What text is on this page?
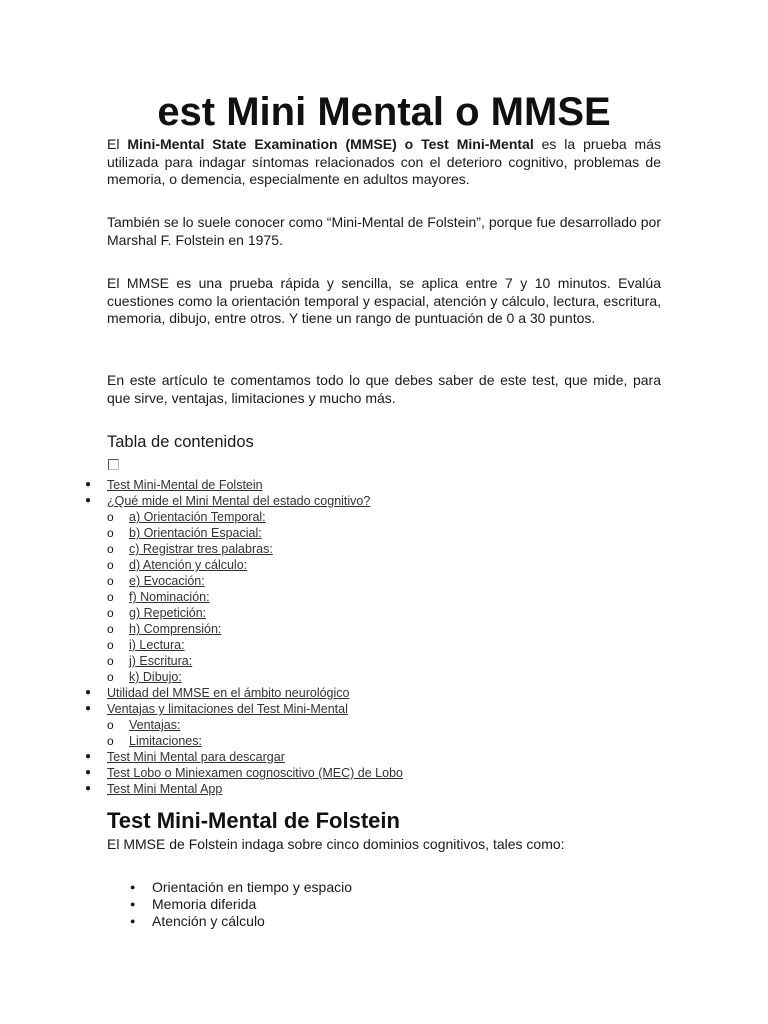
est Mini Mental o MMSE

El Mini-Mental State Examination (MMSE) o Test Mini-Mental es la prueba más utilizada para indagar síntomas relacionados con el deterioro cognitivo, problemas de memoria, o demencia, especialmente en adultos mayores.

También se lo suele conocer como “Mini-Mental de Folstein”, porque fue desarrollado por Marshal F. Folstein en 1975.

El MMSE es una prueba rápida y sencilla, se aplica entre 7 y 10 minutos. Evalúa cuestiones como la orientación temporal y espacial, atención y cálculo, lectura, escritura, memoria, dibujo, entre otros. Y tiene un rango de puntuación de 0 a 30 puntos.

En este artículo te comentamos todo lo que debes saber de este test, que mide, para que sirve, ventajas, limitaciones y mucho más.

Tabla de contenidos

● Test Mini-Mental de Folstein
● ¿Qué mide el Mini Mental del estado cognitivo?
o a) Orientación Temporal:
o b) Orientación Espacial:
o c) Registrar tres palabras:
o d) Atención y cálculo:
o e) Evocación:
o f) Nominación:
o g) Repetición:
o h) Comprensión:
o i) Lectura:
o j) Escritura:
o k) Dibujo:
● Utilidad del MMSE en el ámbito neurológico
● Ventajas y limitaciones del Test Mini-Mental
o Ventajas:
o Limitaciones:
● Test Mini Mental para descargar
● Test Lobo o Miniexamen cognoscitivo (MEC) de Lobo
● Test Mini Mental App
Test Mini-Mental de Folstein

El MMSE de Folstein indaga sobre cinco dominios cognitivos, tales como:

● Orientación en tiempo y espacio
● Memoria diferida
● Atención y cálculo
